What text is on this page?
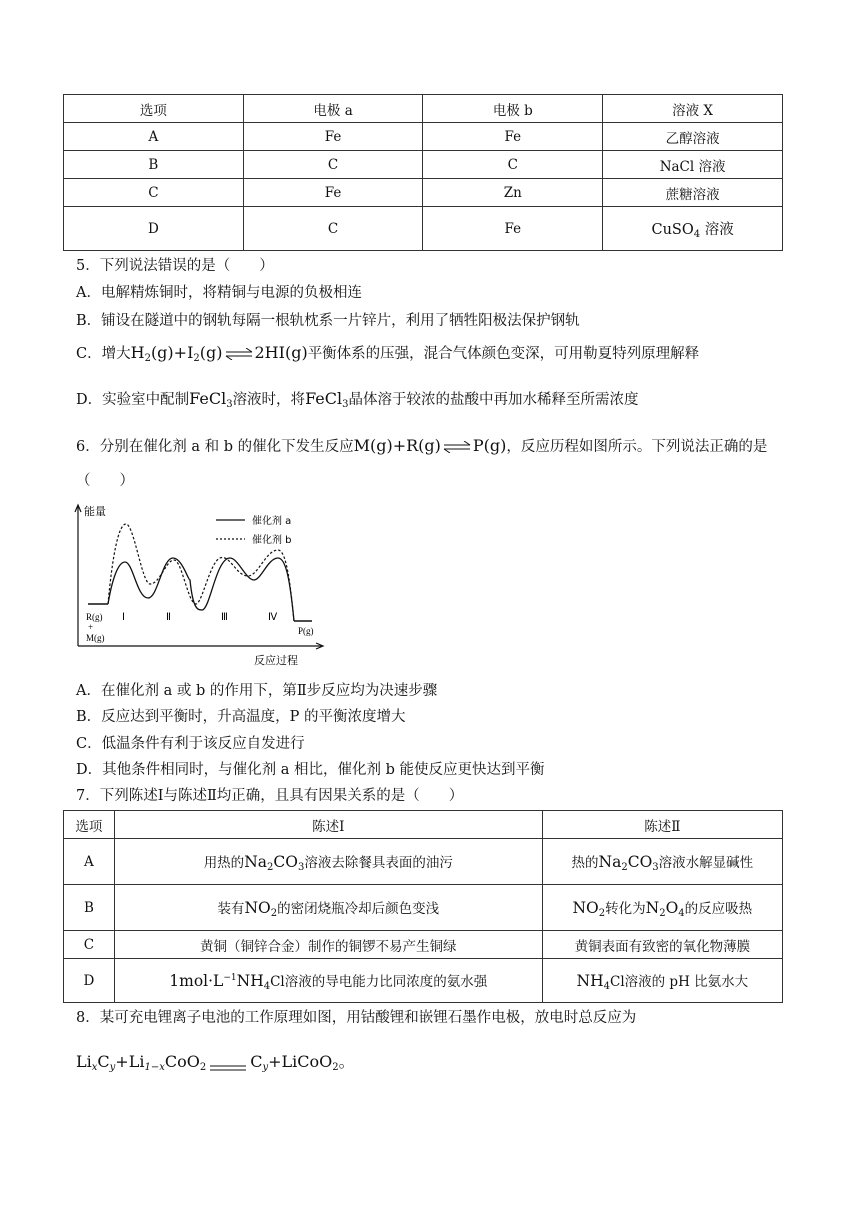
选项	电极 a	电极 b	溶液 X
A	Fe	Fe	乙醇溶液
B	C	C	NaCl 溶液
C	Fe	Zn	蔗糖溶液
D	C	Fe	CuSO$_4$ 溶液
5．下列说法错误的是（　　）
A．电解精炼铜时，将精铜与电源的负极相连
B．铺设在隧道中的钢轨每隔一根轨枕系一片锌片，利用了牺牲阳极法保护钢轨
C．增大$H_2(g)+I_2(g)$ ⇌ 2HI(g)平衡体系的压强，混合气体颜色变深，可用勒夏特列原理解释
D．实验室中配制FeCl$_3$溶液时，将FeCl$_3$晶体溶于较浓的盐酸中再加水稀释至所需浓度
6．分别在催化剂 a 和 b 的催化下发生反应M(g)+R(g) ⇌ P(g)，反应历程如图所示。下列说法正确的是
（　　）
能量
反应过程
催化剂 a
催化剂 b
R(g)
+
M(g)
P(g)
Ⅰ	Ⅱ	Ⅲ	Ⅳ
A．在催化剂 a 或 b 的作用下，第Ⅱ步反应均为决速步骤
B．反应达到平衡时，升高温度，P 的平衡浓度增大
C．低温条件有利于该反应自发进行
D．其他条件相同时，与催化剂 a 相比，催化剂 b 能使反应更快达到平衡
7．下列陈述Ⅰ与陈述Ⅱ均正确，且具有因果关系的是（　　）
选项	陈述Ⅰ	陈述Ⅱ
A	用热的$Na_2CO_3$溶液去除餐具表面的油污	热的$Na_2CO_3$溶液水解显碱性
B	装有$NO_2$的密闭烧瓶冷却后颜色变浅	$NO_2$转化为$N_2O_4$的反应吸热
C	黄铜（铜锌合金）制作的铜锣不易产生铜绿	黄铜表面有致密的氧化物薄膜
D	$1mol\cdot L^{-1}NH_4Cl$溶液的导电能力比同浓度的氨水强	$NH_4Cl$溶液的 pH 比氨水大
8．某可充电锂离子电池的工作原理如图，用钴酸锂和嵌锂石墨作电极，放电时总反应为
$Li_xC_y+Li_{1-x}CoO_2$	$C_y+LiCoO_2$。
